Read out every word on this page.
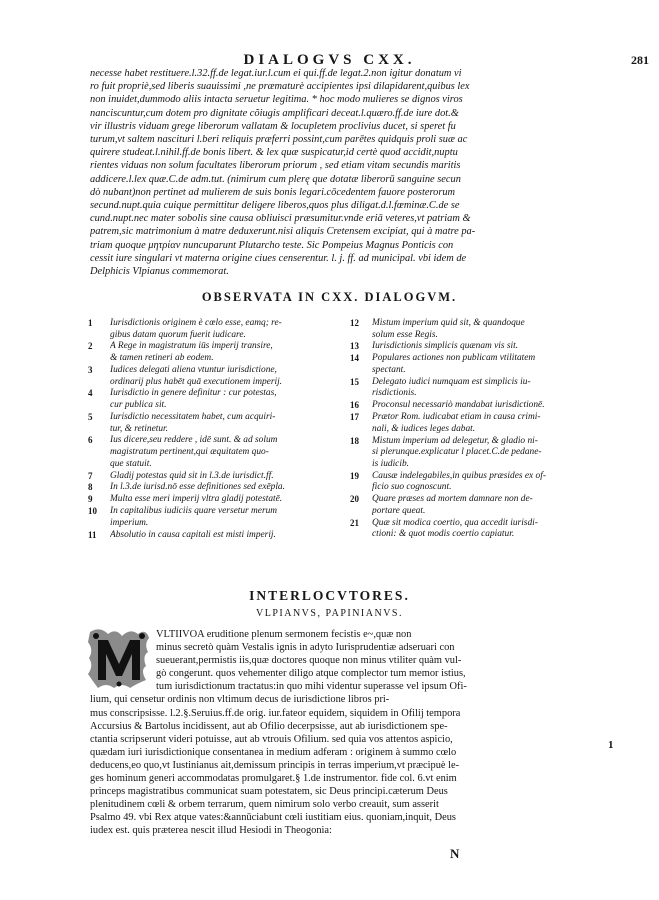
DIALOGVS CXX.	281
necesse habet restituere.l.32.ff.de legat.iur.l.cum ei qui.ff.de legat.2.non igitur donatum vi
ro fuit propriè,sed liberis suauissimi ,ne præmaturè accipientes ipsi dilapidarent,quibus lex
non inuidet,dummodo aliis intacta seruetur legitima. * hoc modo mulieres se dignos viros
nanciscuntur,cum dotem pro dignitate cõiugis amplificari deceat.l.quæro.ff.de iure dot.&
vir illustris viduam grege liberorum vallatam & locupletem proclivius ducet, si speret fu
turum,vt saltem nascituri l.beri reliquis præferri possint,cum parētes quidquis proli suæ ac
quirere studeat.l.nihil.ff.de bonis libert. & lex quæ suspicatur,id certè quod accidit,nuptu
rientes viduas non solum facultates liberorum priorum , sed etiam vitam secundis maritis
addicere.l.lex quæ.C.de adm.tut. (nimirum cum plerę que dotatæ liberorū sanguine secun
dò nubant)non pertinet ad mulierem de suis bonis legari.cōcedentem fauore posterorum
secund.nupt.quia cuique permittitur deligere liberos,quos plus diligat.d.l.fœminæ.C.de se
cund.nupt.nec mater sobolis sine causa obliuisci præsumitur.vnde eriā veteres,vt patriam &
patrem,sic matrimonium à matre deduxerunt.nisi aliquis Cretensem excipiat, qui à matre pa-
triam quoque μητρίαν nuncuparunt Plutarcho teste. Sic Pompeius Magnus Ponticis con
cessit iure singulari vt materna origine ciues censerentur. l. j. ff. ad municipal. vbi idem de
Delphicis Vlpianus commemorat.
OBSERVATA IN CXX. DIALOGVM.
1	Iurisdictionis originem è cœlo esse, eamq; re-
gibus datam quorum fuerit iudicare.
2	A Rege in magistratum iūs imperij transire,
& tamen retineri ab eodem.
3	Iudices delegati aliena vtuntur iurisdictione,
ordinarij plus habēt quā executionem imperij.
4	Iurisdictio in genere definitur : cur potestas,
cur publica sit.
5	Iurisdictio necessitatem habet, cum acquiri-
tur, & retinetur.
6	Ius dicere,seu reddere , idē sunt. & ad solum
magistratum pertinent,qui æquitatem quo-
que statuit.
7	Gladij potestas quid sit in l.3.de iurisdict.ff.
8	In l.3.de iurisd.nō esse definitiones sed exēpla.
9	Multa esse meri imperij vltra gladij potestatē.
10	In capitalibus iudiciis quare versetur merum
imperium.
11	Absolutio in causa capitali est misti imperij.
12	Mistum imperium quid sit, & quandoque
solum esse Regis.
13	Iurisdictionis simplicis quænam vis sit.
14	Populares actiones non publicam vtilitatem
spectant.
15	Delegato iudici numquam est simplicis iu-
risdictionis.
16	Proconsul necessariò mandabat iurisdictionē.
17	Prætor Rom. iudicabat etiam in causa crimi-
nali, & iudices leges dabat.
18	Mistum imperium ad delegetur, & gladio ni-
si plerunque.explicatur l placet.C.de pedane-
is iudicib.
19	Causæ indelegabiles,in quibus præsides ex of-
ficio suo cognoscunt.
20	Quare præses ad mortem damnare non de-
portare queat.
21	Quæ sit modica coertio, qua accedit iurisdi-
ctioni: & quot modis coertio capiatur.
INTERLOCVTORES.
VLPIANVS, PAPINIANVS.
VLTIIVOA eruditione plenum sermonem fecistis e~,quæ non
minus secretò quàm Vestalis ignis in adyto Iurisprudentiæ adseruari con
sueuerant,permistis iis,quæ doctores quoque non minus vtiliter quàm vul-
gò congerunt. quos vehementer diligo atque complector tum memor istius,
tum iurisdictionum tractatus:in quo mihi videntur superasse vel ipsum Ofi-
lium, qui censetur ordinis non vltimum decus de iurisdictione libros pri-
mus conscripsisse. l.2.§.Seruius.ff.de orig. iur.fateor equidem, siquidem in Ofilij tempora
Accursius & Bartolus incidissent, aut ab Ofilio decerpsisse, aut ab iurisdictionem spe-
ctantia scripserunt videri potuisse, aut ab vtrouis Ofilium. sed quia vos attentos aspicio,
quædam iuri iurisdictionique consentanea in medium adferam : originem à summo cœlo
deducens,eo quo,vt Iustinianus ait,demissum principis in terras imperium,vt præcipuè le-
ges hominum generi accommodatas promulgaret.§ 1.de instrumentor. fide col. 6.vt enim
princeps magistratibus communicat suam potestatem, sic Deus principi.cæterum Deus
plenitudinem cœli & orbem terrarum, quem nimirum solo verbo creauit, sum asserit
Psalmo 49. vbi Rex atque vates:&annūciabunt cœli iustitiam eius. quoniam,inquit, Deus
iudex est. quis præterea nescit illud Hesiodi in Theogonia:
1
N
